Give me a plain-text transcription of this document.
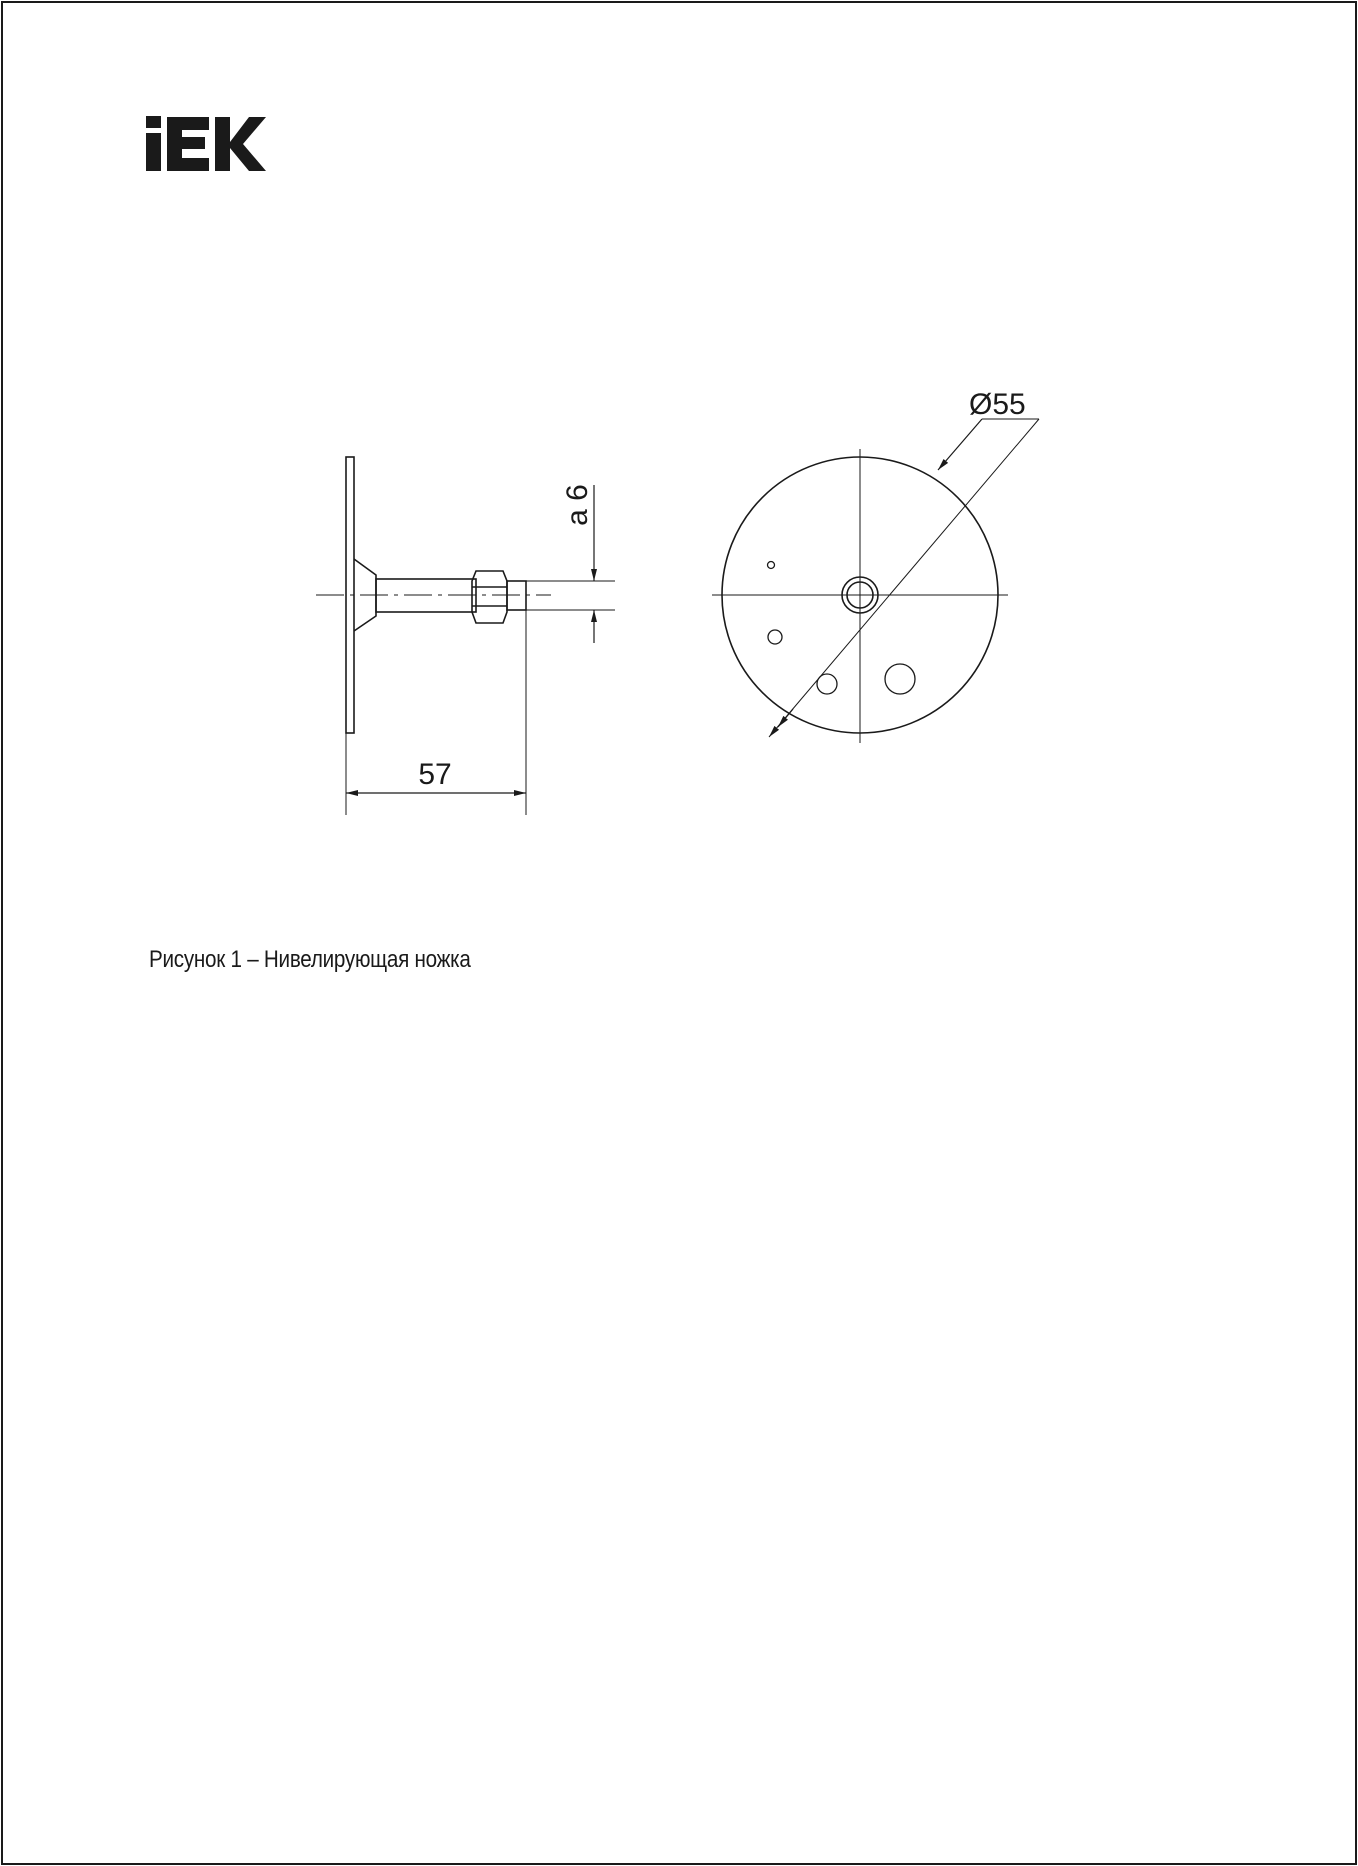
57
a 6
Ø55
Рисунок 1 – Нивелирующая ножка
